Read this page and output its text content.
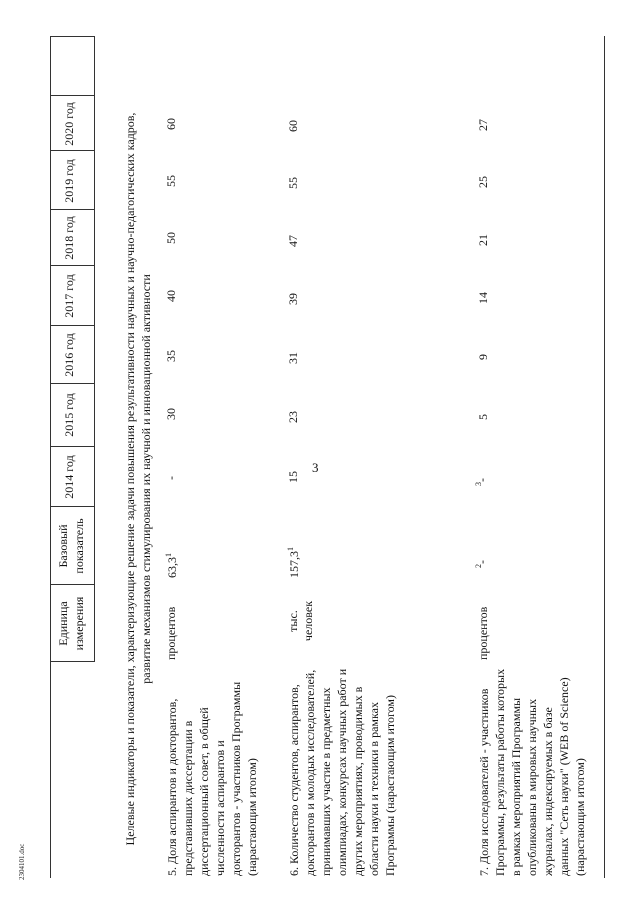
3
2304101.doc
Единица измерения
Базовый показатель
2014 год
2015 год
2016 год
2017 год
2018 год
2019 год
2020 год	Целевые индикаторы и показатели, характеризующие решение задачи повышения результативности научных и научно-педагогических кадров, развитие механизмов стимулирования их научной и инновационной активности
5. Доля аспирантов и докторантов, представивших диссертации в диссертационный совет, в общей численности аспирантов и докторантов - участников Программы (нарастающим итогом)
процентов
63,3$^1$
-
30
35
40
50
55
60
6. Количество студентов, аспирантов, докторантов и молодых исследователей, принимавших участие в предметных олимпиадах, конкурсах научных работ и других мероприятиях, проводимых в области науки и техники в рамках Программы (нарастающим итогом)
тыс. человек
157,3$^1$
15
23
31
39
47
55
60
7. Доля исследователей - участников Программы, результаты работы которых в рамках мероприятий Программы опубликованы в мировых научных журналах, индексируемых в базе данных "Сеть науки" (WEB of Science) (нарастающим итогом)
процентов
$^2$-
$^3$-
5
9
14
21
25
27
